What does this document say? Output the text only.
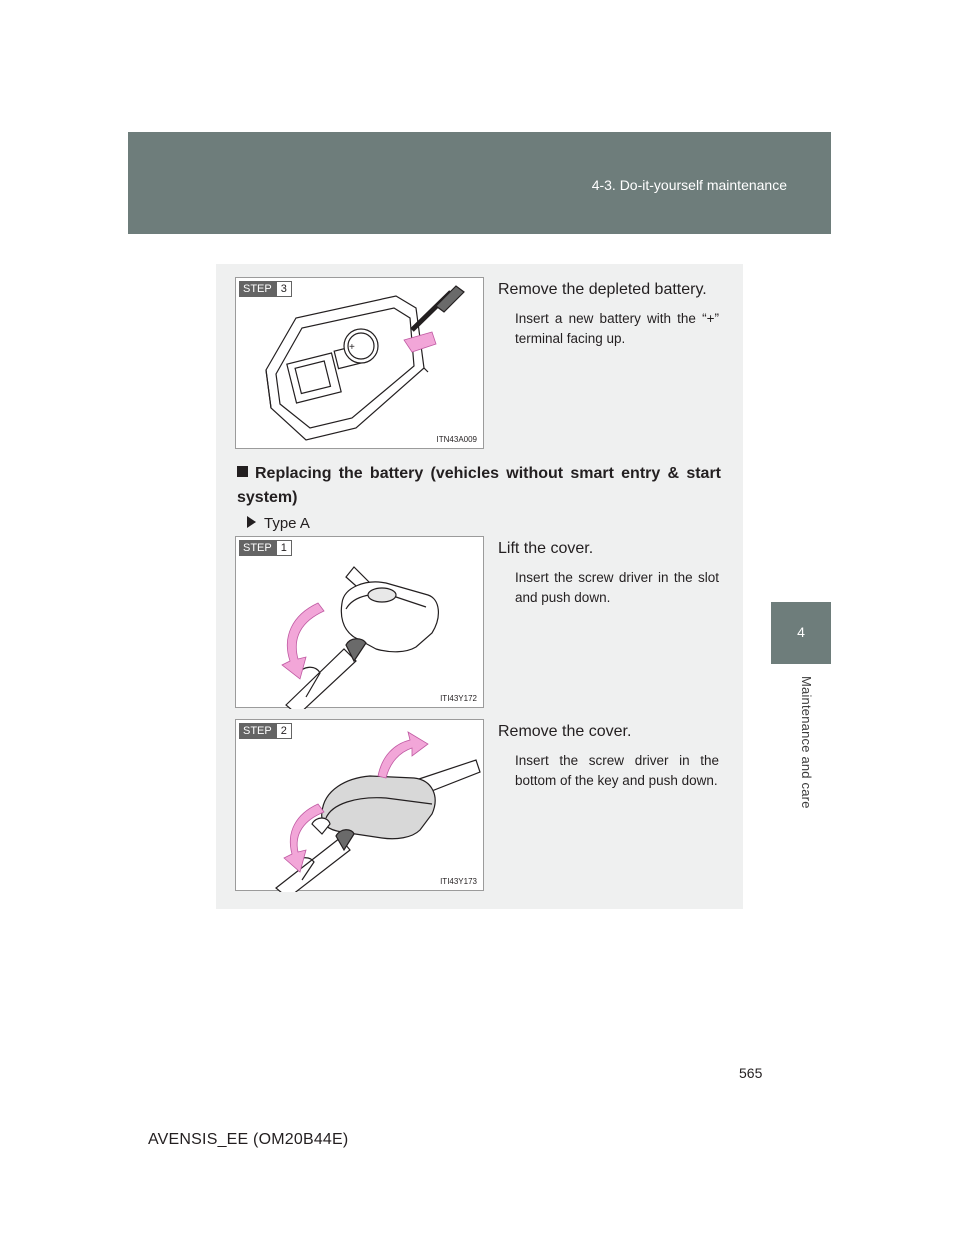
4-3. Do-it-yourself maintenance
4
Maintenance and care
+
STEP 3
ITN43A009
Remove the depleted battery.
Insert a new battery with the “+” terminal facing up.
Replacing the battery (vehicles without smart entry & start system)
Type A
STEP 1
ITI43Y172
Lift the cover.
Insert the screw driver in the slot and push down.
STEP 2
ITI43Y173
Remove the cover.
Insert the screw driver in the bottom of the key and push down.
565
AVENSIS_EE (OM20B44E)
